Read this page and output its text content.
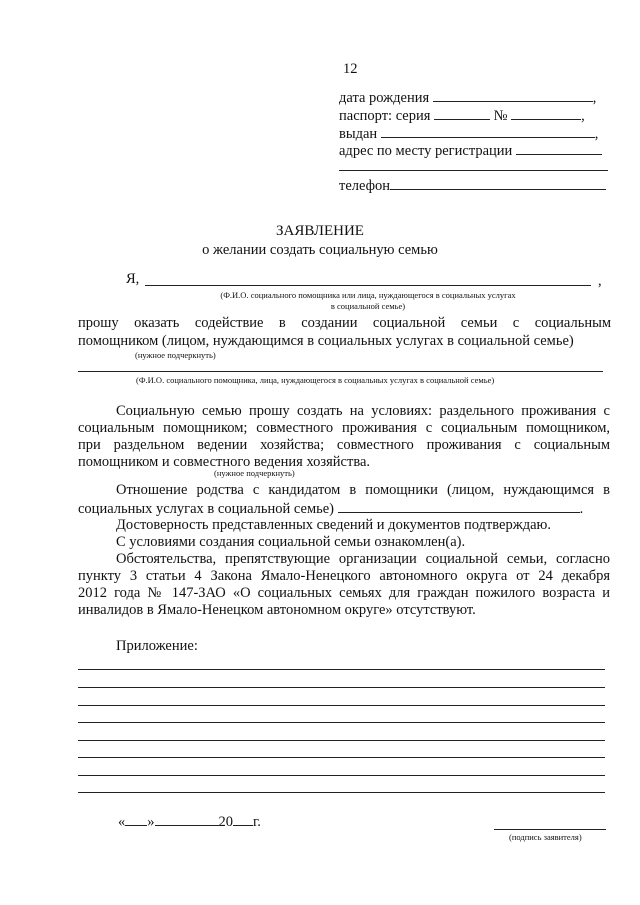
12
дата рождения	,
паспорт: серия	№	,
выдан	,
адрес по месту регистрации
телефон
ЗАЯВЛЕНИЕ
о желании создать социальную семью
Я,	,
(Ф.И.О. социального помощника или лица, нуждающегося в социальных услугах
в социальной семье)
прошу оказать содействие в создании социальной семьи с социальным
помощником (лицом, нуждающимся в социальных услугах в социальной семье)
(нужное подчеркнуть)
(Ф.И.О. социального помощника, лица, нуждающегося в социальных услугах в социальной семье)
Социальную семью прошу создать на условиях: раздельного проживания с
социальным помощником; совместного проживания с социальным помощником,
при раздельном ведении хозяйства; совместного проживания с социальным
помощником и совместного ведения хозяйства.
(нужное подчеркнуть)
Отношение родства с кандидатом в помощники (лицом, нуждающимся в
социальных услугах в социальной семье)	.
Достоверность представленных сведений и документов подтверждаю.
С условиями создания социальной семьи ознакомлен(а).
Обстоятельства, препятствующие организации социальной семьи, согласно
пункту 3 статьи 4 Закона Ямало-Ненецкого автономного округа от 24 декабря
2012 года № 147-ЗАО «О социальных семьях для граждан пожилого возраста и
инвалидов в Ямало-Ненецком автономном округе» отсутствуют.
Приложение:
« »	20 г.
(подпись заявителя)
